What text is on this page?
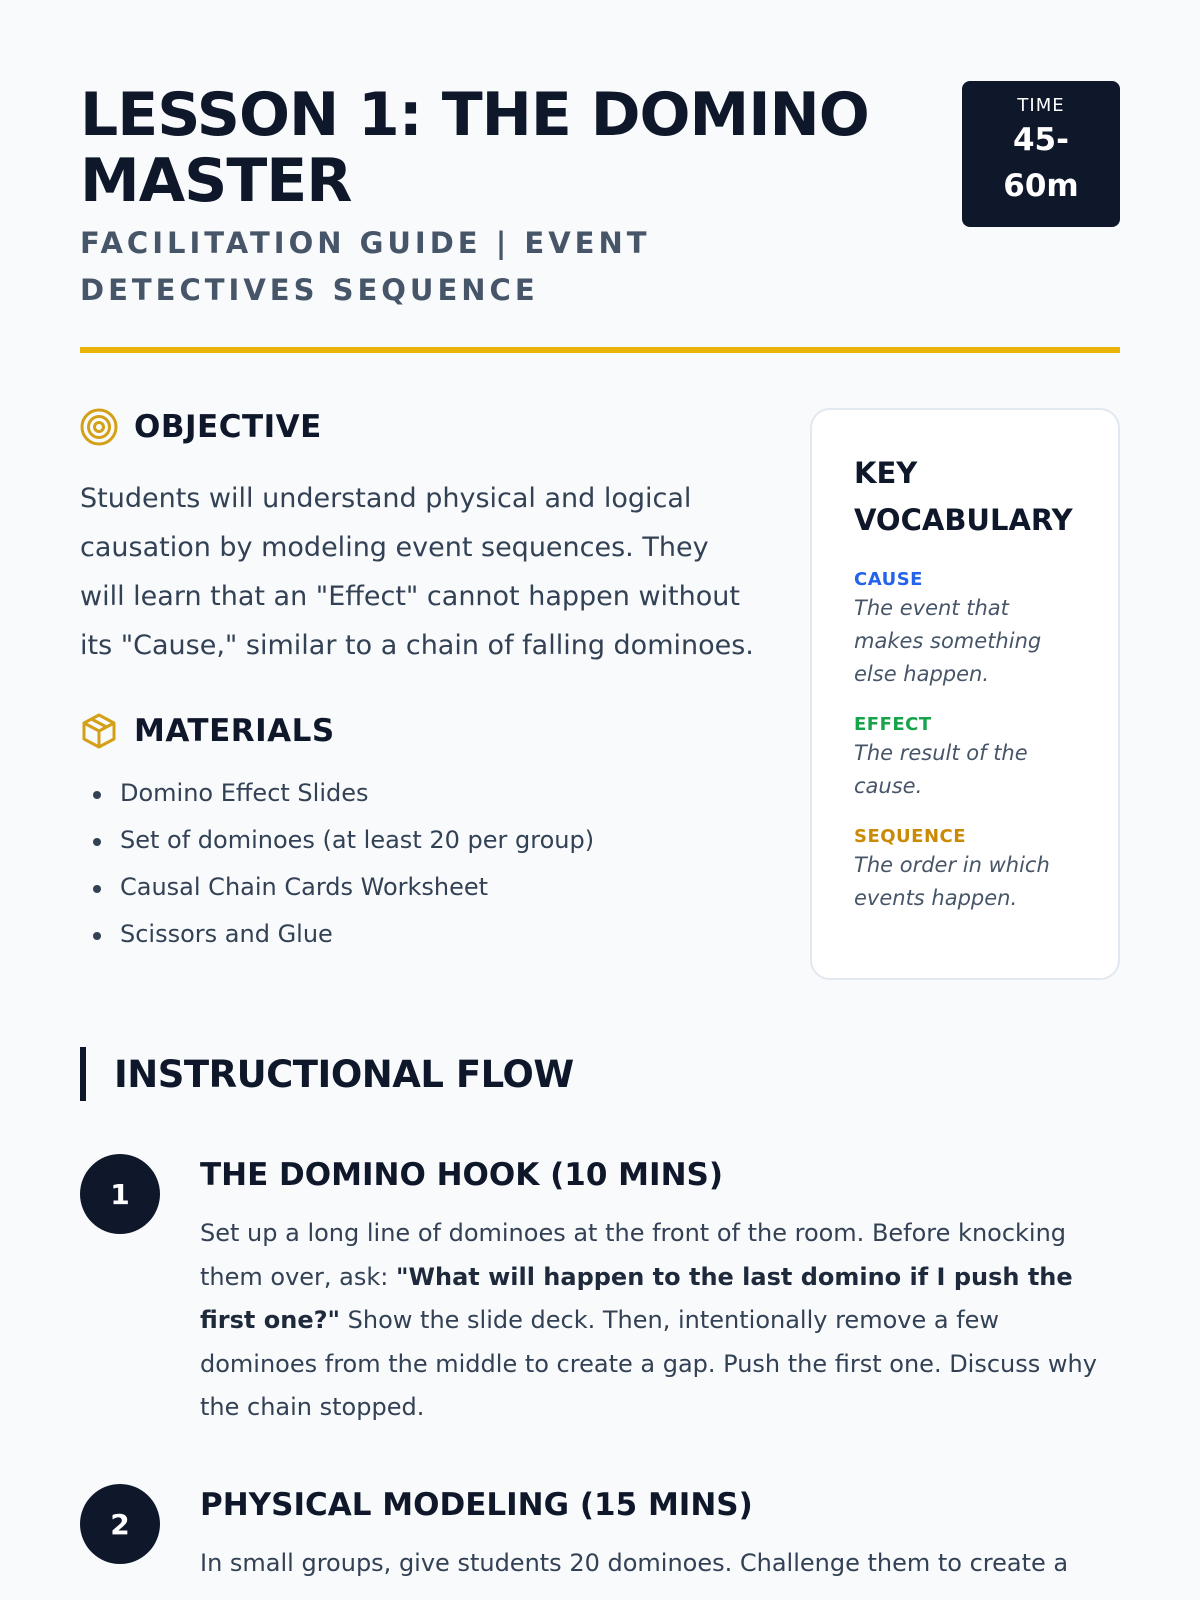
LESSON 1: THE DOMINO MASTER
FACILITATION GUIDE | EVENT DETECTIVES SEQUENCE
TIME
45-
60m
OBJECTIVE

Students will understand physical and logical causation by modeling event sequences. They will learn that an "Effect" cannot happen without its "Cause," similar to a chain of falling dominoes.

MATERIALS
Domino Effect Slides
Set of dominoes (at least 20 per group)
Causal Chain Cards Worksheet
Scissors and Glue
KEY VOCABULARY
CAUSE
The event that makes something else happen.
EFFECT
The result of the cause.
SEQUENCE
The order in which events happen.
INSTRUCTIONAL FLOW
1
THE DOMINO HOOK (10 MINS)

Set up a long line of dominoes at the front of the room. Before knocking them over, ask: "What will happen to the last domino if I push the first one?" Show the slide deck. Then, intentionally remove a few dominoes from the middle to create a gap. Push the first one. Discuss why the chain stopped.

2
PHYSICAL MODELING (15 MINS)

In small groups, give students 20 dominoes. Challenge them to create a
